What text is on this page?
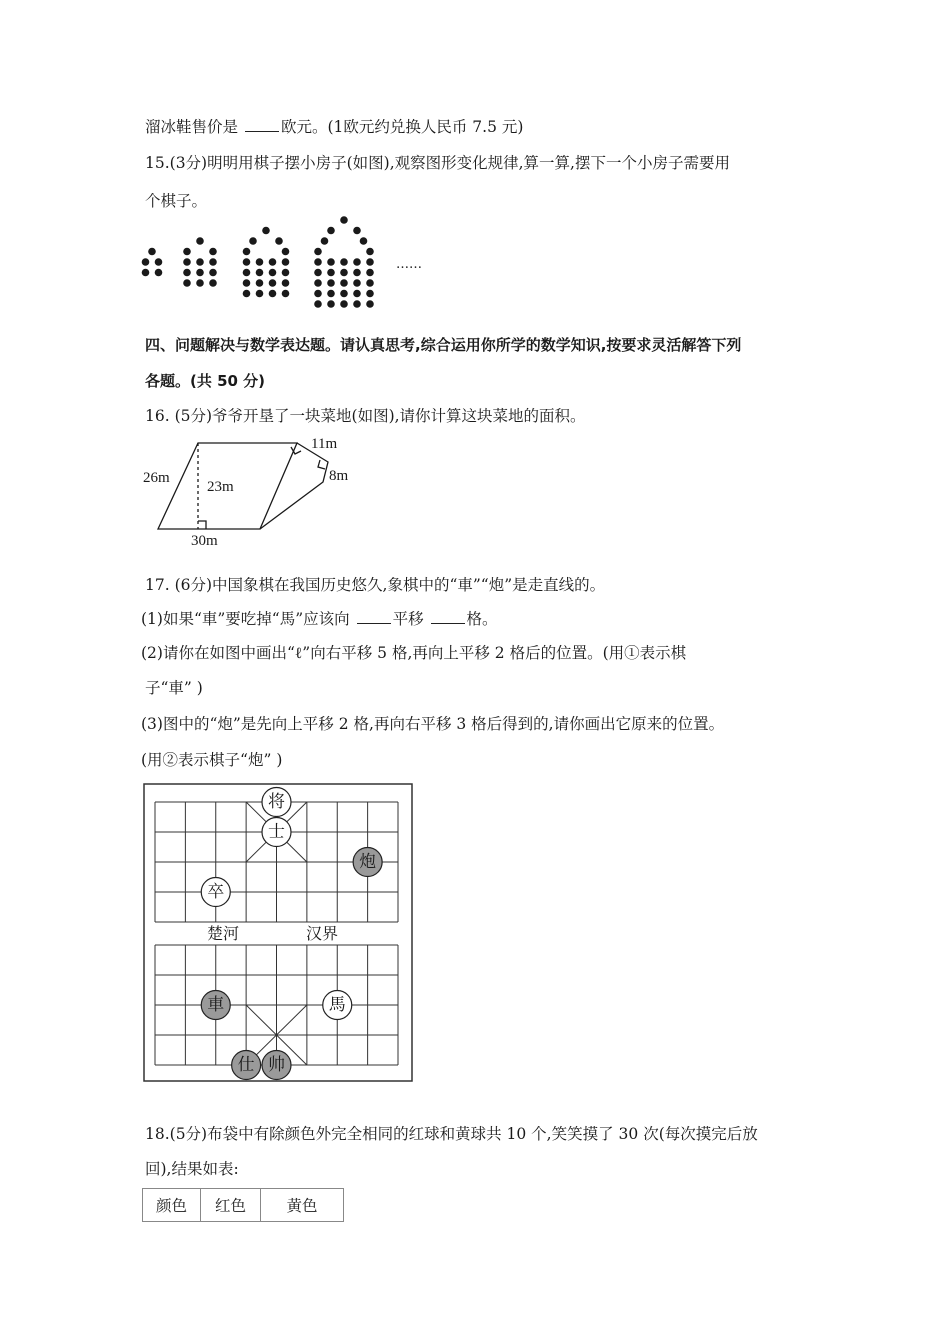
溜冰鞋售价是	欧元。(1欧元约兑换人民币 7.5 元)
15.(3分)明明用棋子摆小房子(如图),观察图形变化规律,算一算,摆下一个小房子需要用
个棋子。
……
四、问题解决与数学表达题。请认真思考,综合运用你所学的数学知识,按要求灵活解答下列
各题。(共 50 分)
16. (5分)爷爷开垦了一块菜地(如图),请你计算这块菜地的面积。
11m
8m
26m
23m
30m
17. (6分)中国象棋在我国历史悠久,象棋中的“車”“炮”是走直线的。
(1)如果“車”要吃掉“馬”应该向	平移	格。
(2)请你在如图中画出“ℓ”向右平移 5 格,再向上平移 2 格后的位置。(用①表示棋
子“車” )
(3)图中的“炮”是先向上平移 2 格,再向右平移 3 格后得到的,请你画出它原来的位置。
(用②表示棋子“炮” )
楚河	汉界
将
士
炮
卒
車	馬
仕 帅
18.(5分)布袋中有除颜色外完全相同的红球和黄球共 10 个,笑笑摸了 30 次(每次摸完后放
回),结果如表:
颜色	红色	黄色
